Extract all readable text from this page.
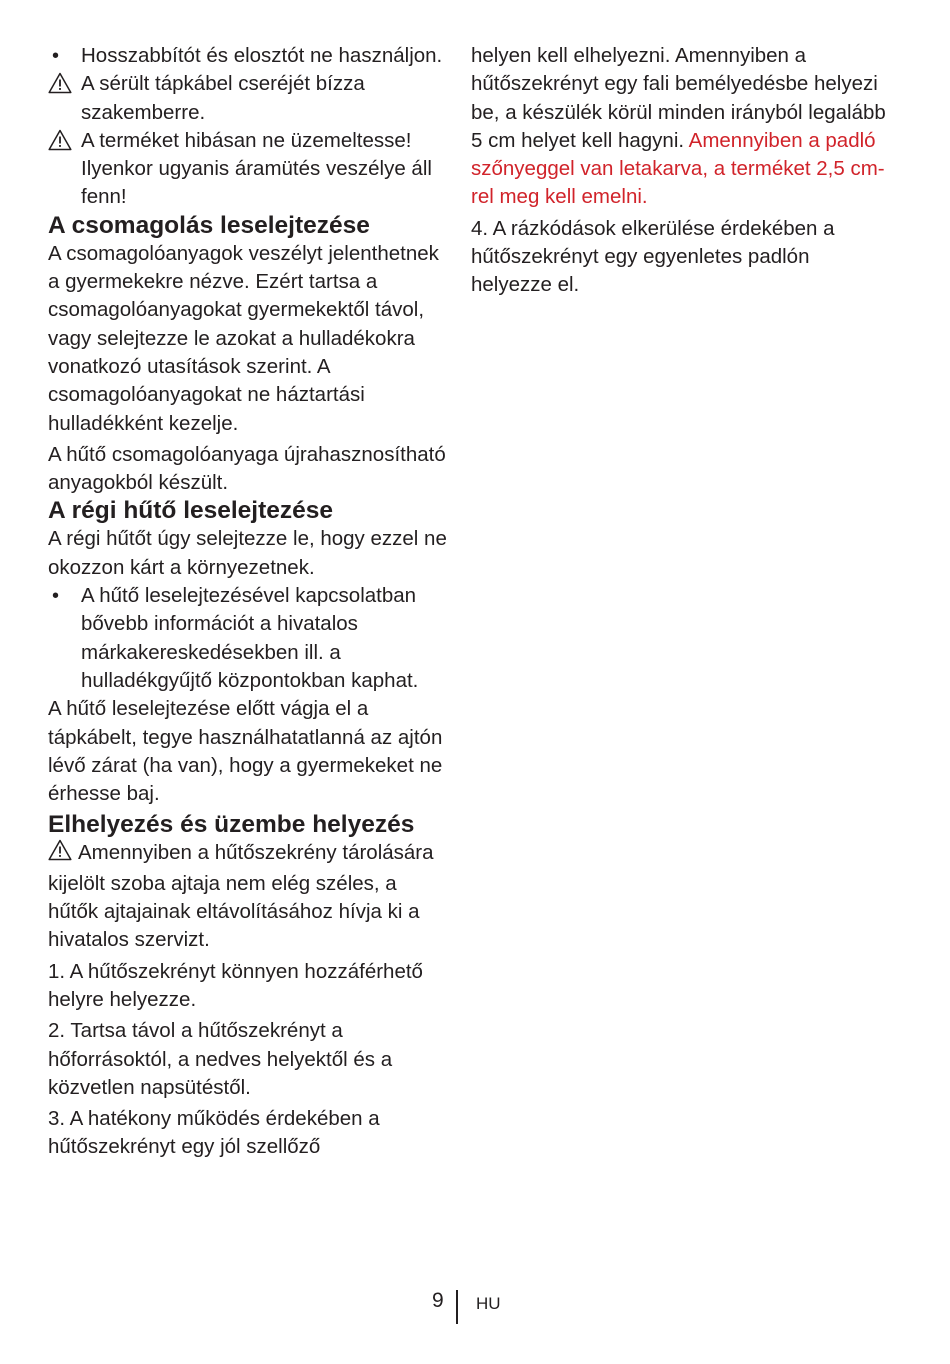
• Hosszabbítót és elosztót ne használjon.
A sérült tápkábel cseréjét bízza szakemberre.
A terméket hibásan ne üzemeltesse! Ilyenkor ugyanis áramütés veszélye áll fenn!
A csomagolás leselejtezése

A csomagolóanyagok veszélyt jelenthetnek a gyermekekre nézve. Ezért tartsa a csomagolóanyagokat gyermekektől távol, vagy selejtezze le azokat a hulladékokra vonatkozó utasítások szerint. A csomagolóanyagokat ne háztartási hulladékként kezelje.

A hűtő csomagolóanyaga újrahasznosítható anyagokból készült.

A régi hűtő leselejtezése

A régi hűtőt úgy selejtezze le, hogy ezzel ne okozzon kárt a környezetnek.

• A hűtő leselejtezésével kapcsolatban bővebb információt a hivatalos márkakereskedésekben ill. a hulladékgyűjtő központokban kaphat.

A hűtő leselejtezése előtt vágja el a tápkábelt, tegye használhatatlanná az ajtón lévő zárat (ha van), hogy a gyermekeket ne érhesse baj.

Elhelyezés és üzembe helyezés

Amennyiben a hűtőszekrény tárolására kijelölt szoba ajtaja nem elég széles, a hűtők ajtajainak eltávolításához hívja ki a hivatalos szervizt.

1. A hűtőszekrényt könnyen hozzáférhető helyre helyezze.

2. Tartsa távol a hűtőszekrényt a hőforrásoktól, a nedves helyektől és a közvetlen napsütéstől.

3. A hatékony működés érdekében a hűtőszekrényt egy jól szellőző

helyen kell elhelyezni. Amennyiben a hűtőszekrényt egy fali bemélyedésbe helyezi be, a készülék körül minden irányból legalább 5 cm helyet kell hagyni. Amennyiben a padló szőnyeggel van letakarva, a terméket 2,5 cm-rel meg kell emelni.

4. A rázkódások elkerülése érdekében a hűtőszekrényt egy egyenletes padlón helyezze el.

9 HU
